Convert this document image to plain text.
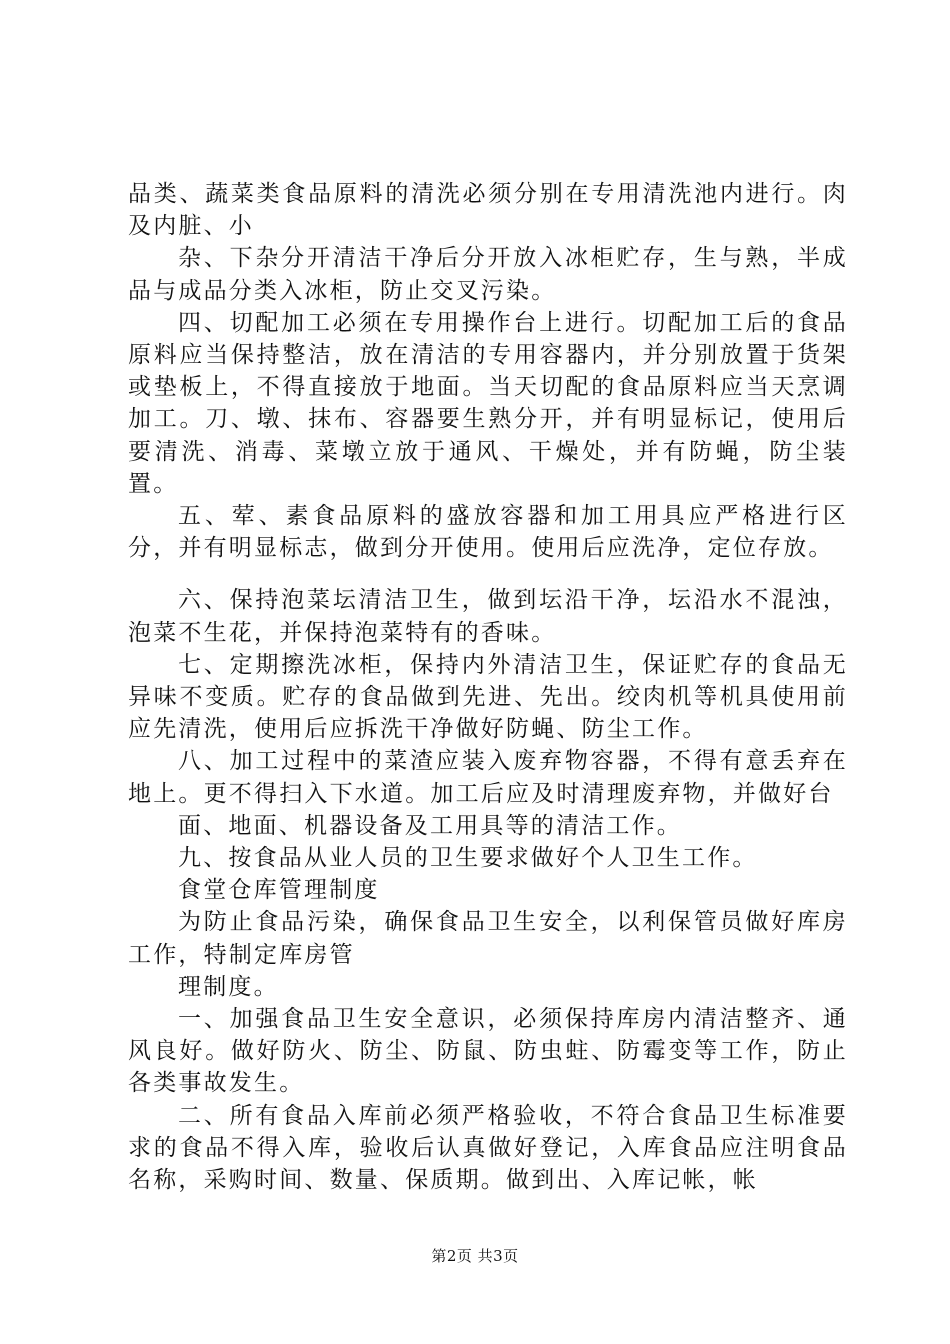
品类、蔬菜类食品原料的清洗必须分别在专用清洗池内进行。肉及内脏、小

杂、下杂分开清洁干净后分开放入冰柜贮存，生与熟，半成品与成品分类入冰柜，防止交叉污染。

四、切配加工必须在专用操作台上进行。切配加工后的食品原料应当保持整洁，放在清洁的专用容器内，并分别放置于货架或垫板上，不得直接放于地面。当天切配的食品原料应当天烹调加工。刀、墩、抹布、容器要生熟分开，并有明显标记，使用后要清洗、消毒、菜墩立放于通风、干燥处，并有防蝇，防尘装置。

五、荤、素食品原料的盛放容器和加工用具应严格进行区分，并有明显标志，做到分开使用。使用后应洗净，定位存放。

六、保持泡菜坛清洁卫生，做到坛沿干净，坛沿水不混浊，泡菜不生花，并保持泡菜特有的香味。

七、定期擦洗冰柜，保持内外清洁卫生，保证贮存的食品无异味不变质。贮存的食品做到先进、先出。绞肉机等机具使用前应先清洗，使用后应拆洗干净做好防蝇、防尘工作。

八、加工过程中的菜渣应装入废弃物容器，不得有意丢弃在地上。更不得扫入下水道。加工后应及时清理废弃物，并做好台

面、地面、机器设备及工用具等的清洁工作。

九、按食品从业人员的卫生要求做好个人卫生工作。

食堂仓库管理制度

为防止食品污染，确保食品卫生安全，以利保管员做好库房工作，特制定库房管

理制度。

一、加强食品卫生安全意识，必须保持库房内清洁整齐、通风良好。做好防火、防尘、防鼠、防虫蛀、防霉变等工作，防止各类事故发生。

二、所有食品入库前必须严格验收，不符合食品卫生标准要求的食品不得入库，验收后认真做好登记，入库食品应注明食品名称，采购时间、数量、保质期。做到出、入库记帐，帐

第2页 共3页
